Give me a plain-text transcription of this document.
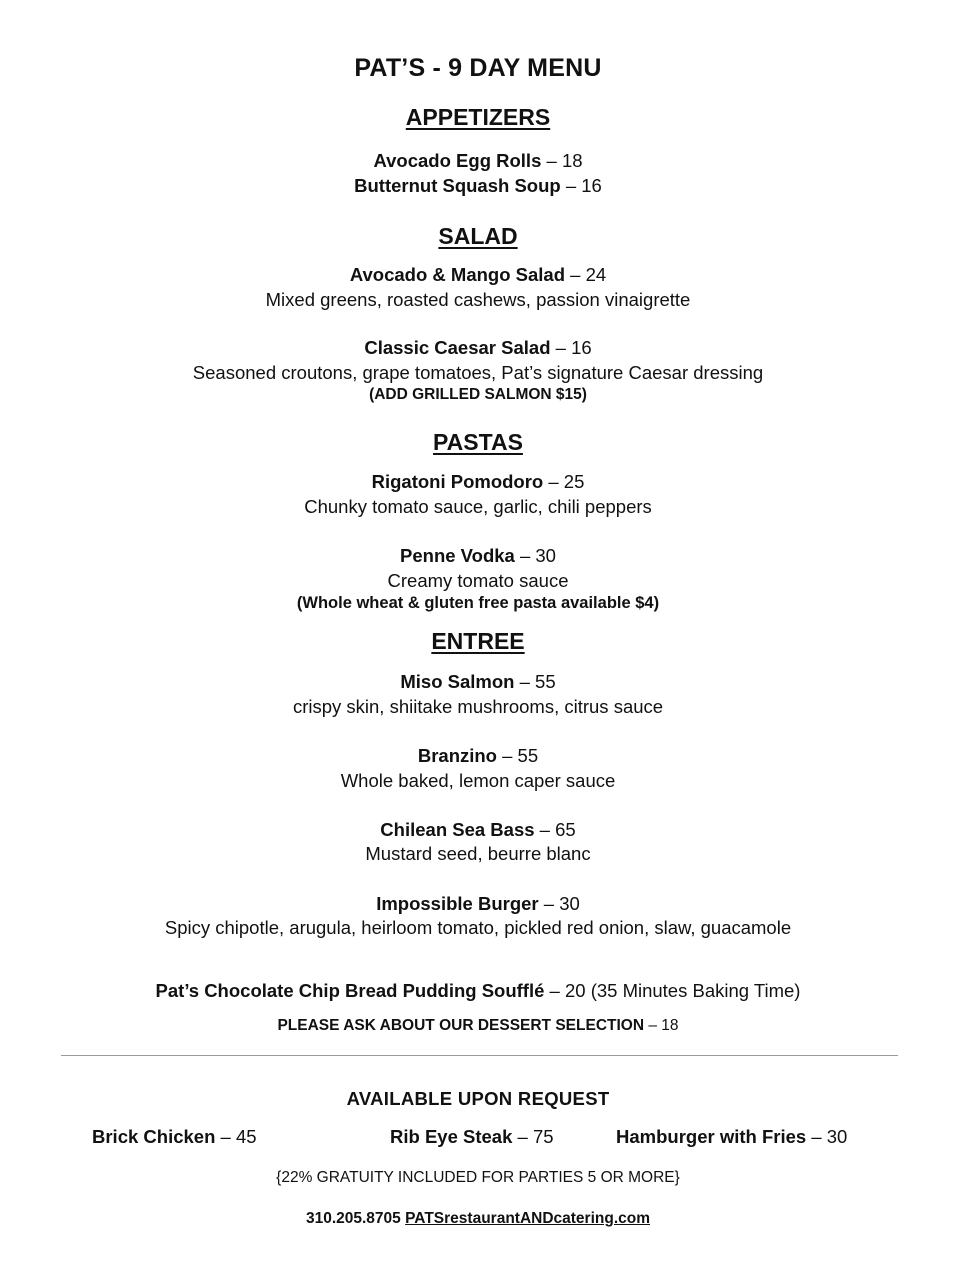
PAT’S - 9 DAY MENU
APPETIZERS
Avocado Egg Rolls – 18
Butternut Squash Soup – 16
SALAD
Avocado & Mango Salad – 24
Mixed greens, roasted cashews, passion vinaigrette
Classic Caesar Salad – 16
Seasoned croutons, grape tomatoes, Pat’s signature Caesar dressing
(ADD GRILLED SALMON $15)
PASTAS
Rigatoni Pomodoro – 25
Chunky tomato sauce, garlic, chili peppers
Penne Vodka – 30
Creamy tomato sauce
(Whole wheat & gluten free pasta available $4)
ENTREE
Miso Salmon – 55
crispy skin, shiitake mushrooms, citrus sauce
Branzino – 55
Whole baked, lemon caper sauce
Chilean Sea Bass – 65
Mustard seed, beurre blanc
Impossible Burger – 30
Spicy chipotle, arugula, heirloom tomato, pickled red onion, slaw, guacamole
Pat’s Chocolate Chip Bread Pudding Soufflé – 20 (35 Minutes Baking Time)
PLEASE ASK ABOUT OUR DESSERT SELECTION – 18
AVAILABLE UPON REQUEST
Brick Chicken – 45	Rib Eye Steak – 75	Hamburger with Fries – 30
{22% GRATUITY INCLUDED FOR PARTIES 5 OR MORE}
310.205.8705 PATSrestaurantANDcatering.com
